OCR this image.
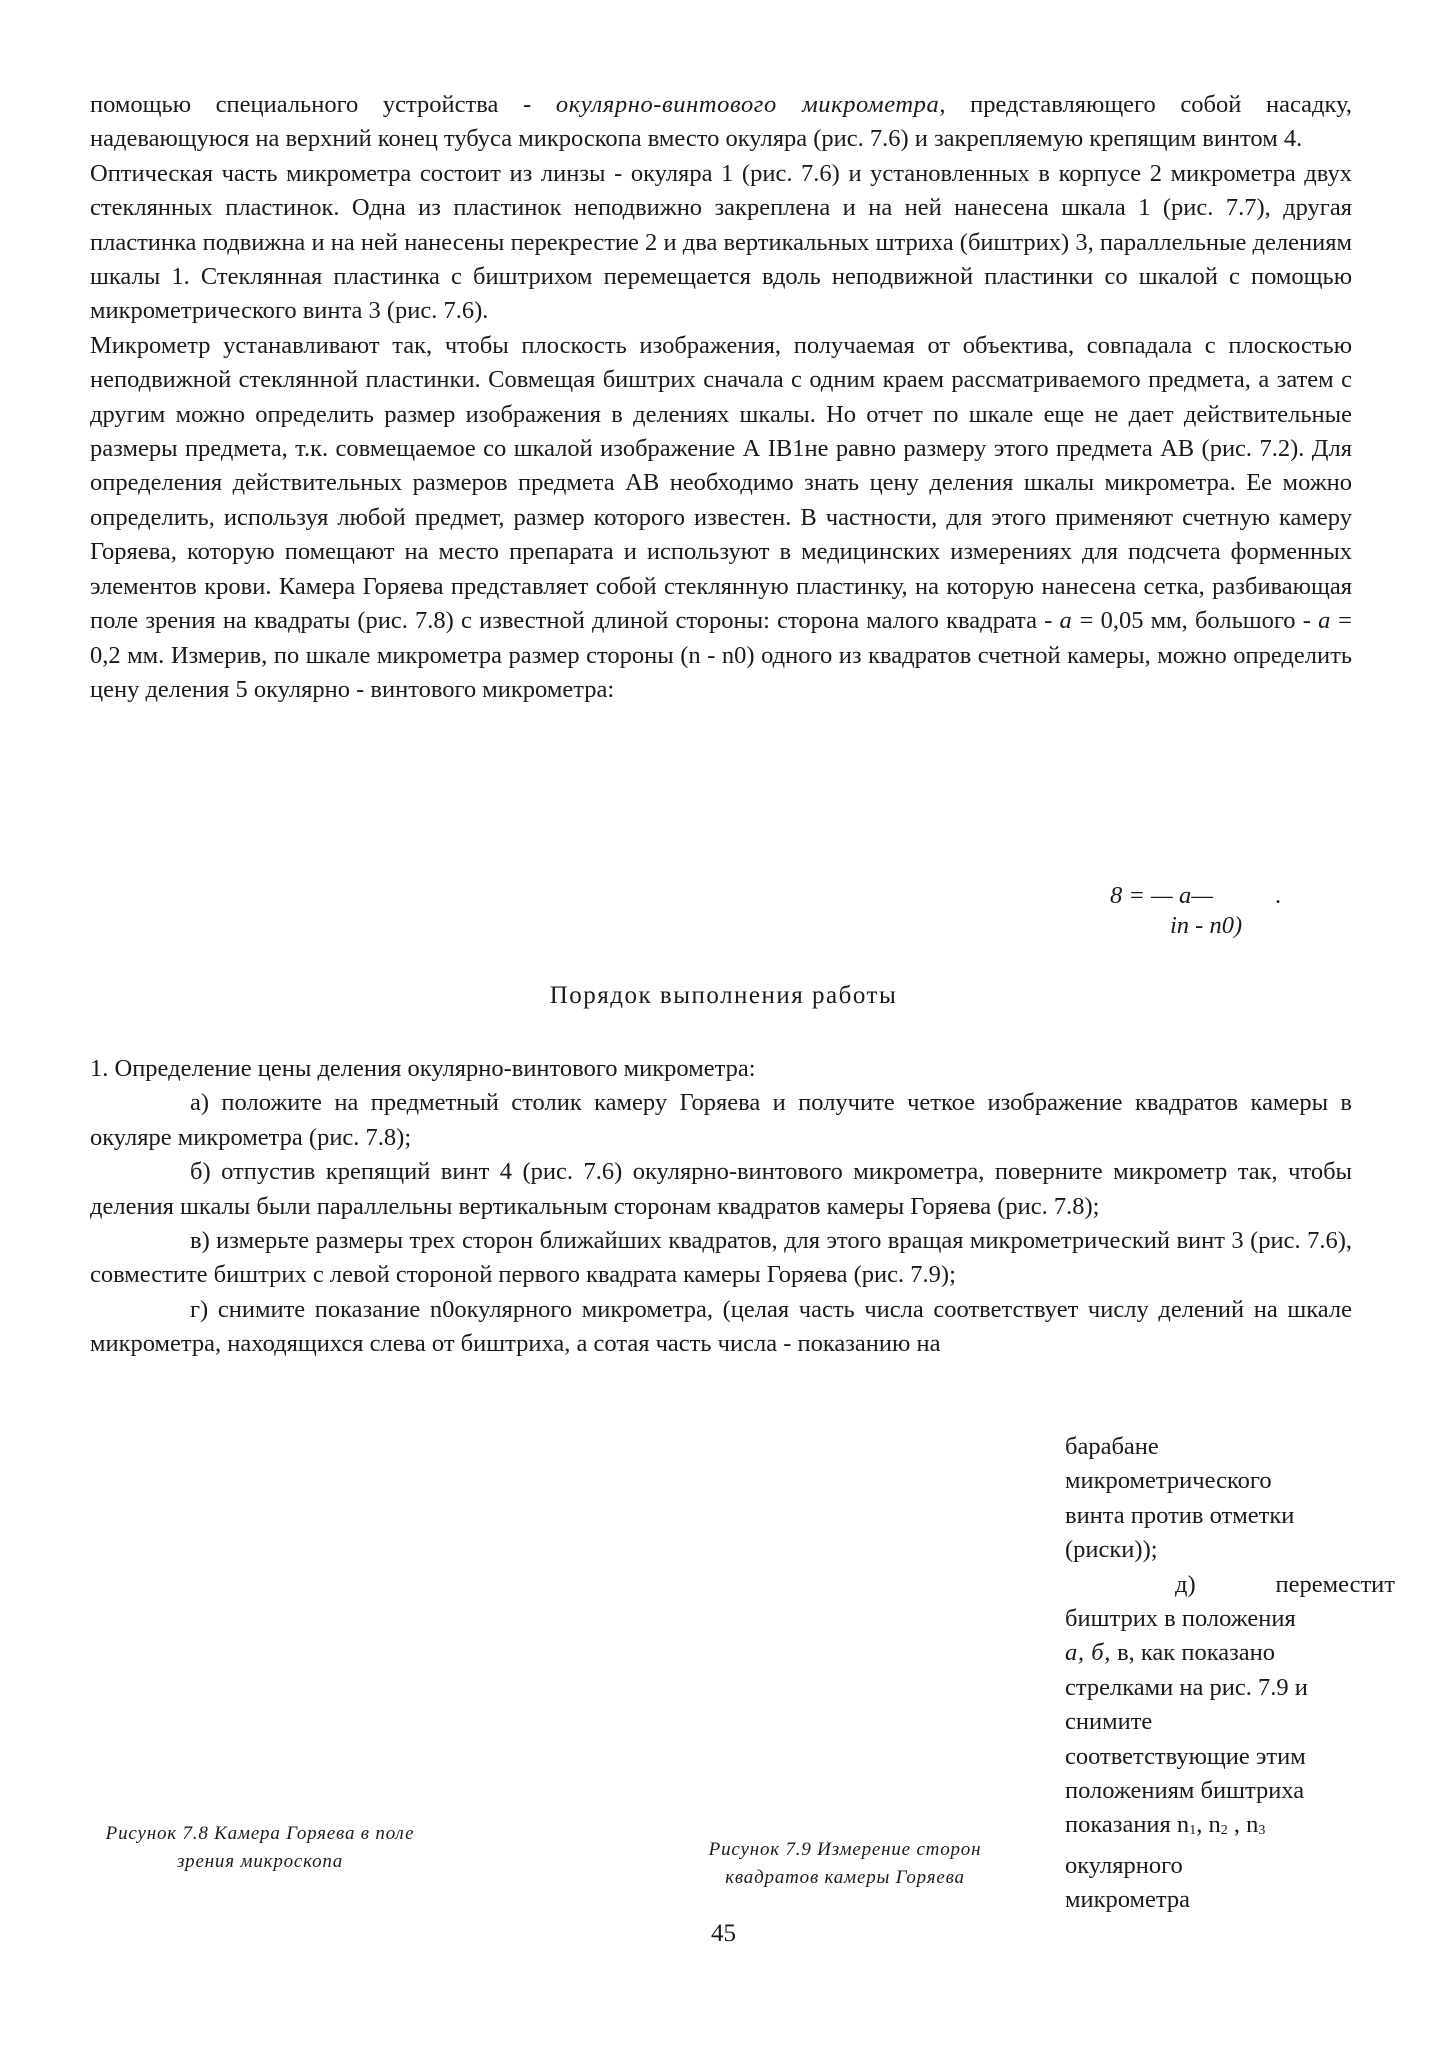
помощью специального устройства - окулярно-винтового микрометра, представляющего собой насадку, надевающуюся на верхний конец тубуса микроскопа вместо окуляра (рис. 7.6) и закрепляемую крепящим винтом 4.

Оптическая часть микрометра состоит из линзы - окуляра 1 (рис. 7.6) и установленных в корпусе 2 микрометра двух стеклянных пластинок. Одна из пластинок неподвижно закреплена и на ней нанесена шкала 1 (рис. 7.7), другая пластинка подвижна и на ней нанесены перекрестие 2 и два вертикальных штриха (биштрих) 3, параллельные делениям шкалы 1. Стеклянная пластинка с биштрихом перемещается вдоль неподвижной пластинки со шкалой с помощью микрометрического винта 3 (рис. 7.6).

Микрометр устанавливают так, чтобы плоскость изображения, получаемая от объектива, совпадала с плоскостью неподвижной стеклянной пластинки. Совмещая биштрих сначала с одним краем рассматриваемого предмета, а затем с другим можно определить размер изображения в делениях шкалы. Но отчет по шкале еще не дает действительные размеры предмета, т.к. совмещаемое со шкалой изображение А ІВ1не равно размеру этого предмета АВ (рис. 7.2). Для определения действительных размеров предмета АВ необходимо знать цену деления шкалы микрометра. Ее можно определить, используя любой предмет, размер которого известен. В частности, для этого применяют счетную камеру Горяева, которую помещают на место препарата и используют в медицинских измерениях для подсчета форменных элементов крови. Камера Горяева представляет собой стеклянную пластинку, на которую нанесена сетка, разбивающая поле зрения на квадраты (рис. 7.8) с известной длиной стороны: сторона малого квадрата - а = 0,05 мм, большого - а = 0,2 мм. Измерив, по шкале микрометра размер стороны (n - n0) одного из квадратов счетной камеры, можно определить цену деления 5 окулярно - винтового микрометра:

8 = — а—
in - n0)
.
Порядок выполнения работы

1. Определение цены деления окулярно-винтового микрометра:

а) положите на предметный столик камеру Горяева и получите четкое изображение квадратов камеры в окуляре микрометра (рис. 7.8);

б) отпустив крепящий винт 4 (рис. 7.6) окулярно-винтового микрометра, поверните микрометр так, чтобы деления шкалы были параллельны вертикальным сторонам квадратов камеры Горяева (рис. 7.8);

в) измерьте размеры трех сторон ближайших квадратов, для этого вращая микрометрический винт 3 (рис. 7.6), совместите биштрих с левой стороной первого квадрата камеры Горяева (рис. 7.9);

г) снимите показание n0окулярного микрометра, (целая часть числа соответствует числу делений на шкале микрометра, находящихся слева от биштриха, а сотая часть числа - показанию на

барабане

микрометрического

винта против отметки

(риски));

д)	переместит

биштрих в положения

а, б, в, как показано

стрелками на рис. 7.9 и

снимите

соответствующие этим

положениям биштриха

показания $n_1$, $n_2$ , $n_3$

окулярного

микрометра

Рисунок 7.8 Камера Горяева в поле зрения микроскопа
Рисунок 7.9 Измерение сторон квадратов камеры Горяева
45
